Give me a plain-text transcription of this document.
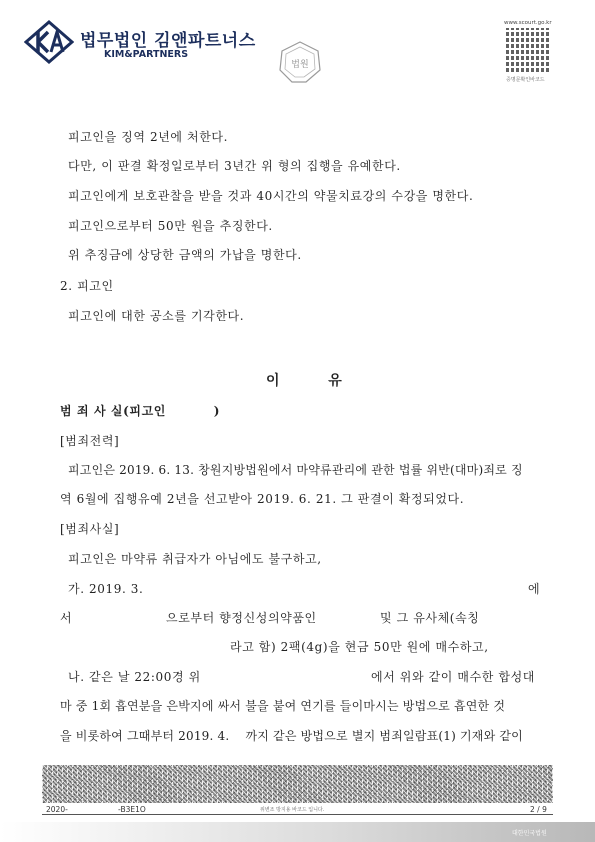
법무법인 김앤파트너스
KIM&PARTNERS
법원
www.scourt.go.kr
증명문확인바코드
피고인을 징역 2년에 처한다.
다만, 이 판결 확정일로부터 3년간 위 형의 집행을 유예한다.
피고인에게 보호관찰을 받을 것과 40시간의 약물치료강의 수강을 명한다.
피고인으로부터 50만 원을 추징한다.
위 추징금에 상당한 금액의 가납을 명한다.
2. 피고인
피고인에 대한 공소를 기각한다.
이          유
범 죄 사 실(피고인          )
[범죄전력]
피고인은 2019. 6. 13. 창원지방법원에서 마약류관리에 관한 법률 위반(대마)죄로 징
역 6월에 집행유예 2년을 선고받아 2019. 6. 21. 그 판결이 확정되었다.
[범죄사실]
피고인은 마약류 취급자가 아님에도 불구하고,
가. 2019. 3.	에
서	으로부터 향정신성의약품인	및 그 유사체(속칭
라고 함) 2팩(4g)을 현금 50만 원에 매수하고,
나. 같은 날 22:00경 위	에서 위와 같이 매수한 합성대
마 중 1회 흡연분을 은박지에 싸서 불을 붙여 연기를 들이마시는 방법으로 흡연한 것
을 비롯하여 그때부터 2019. 4.    까지 같은 방법으로 별지 범죄일람표(1) 기재와 같이
2020-	-B3E1O	위변조 방지용 바코드 입니다.	2 / 9
대한민국법원
